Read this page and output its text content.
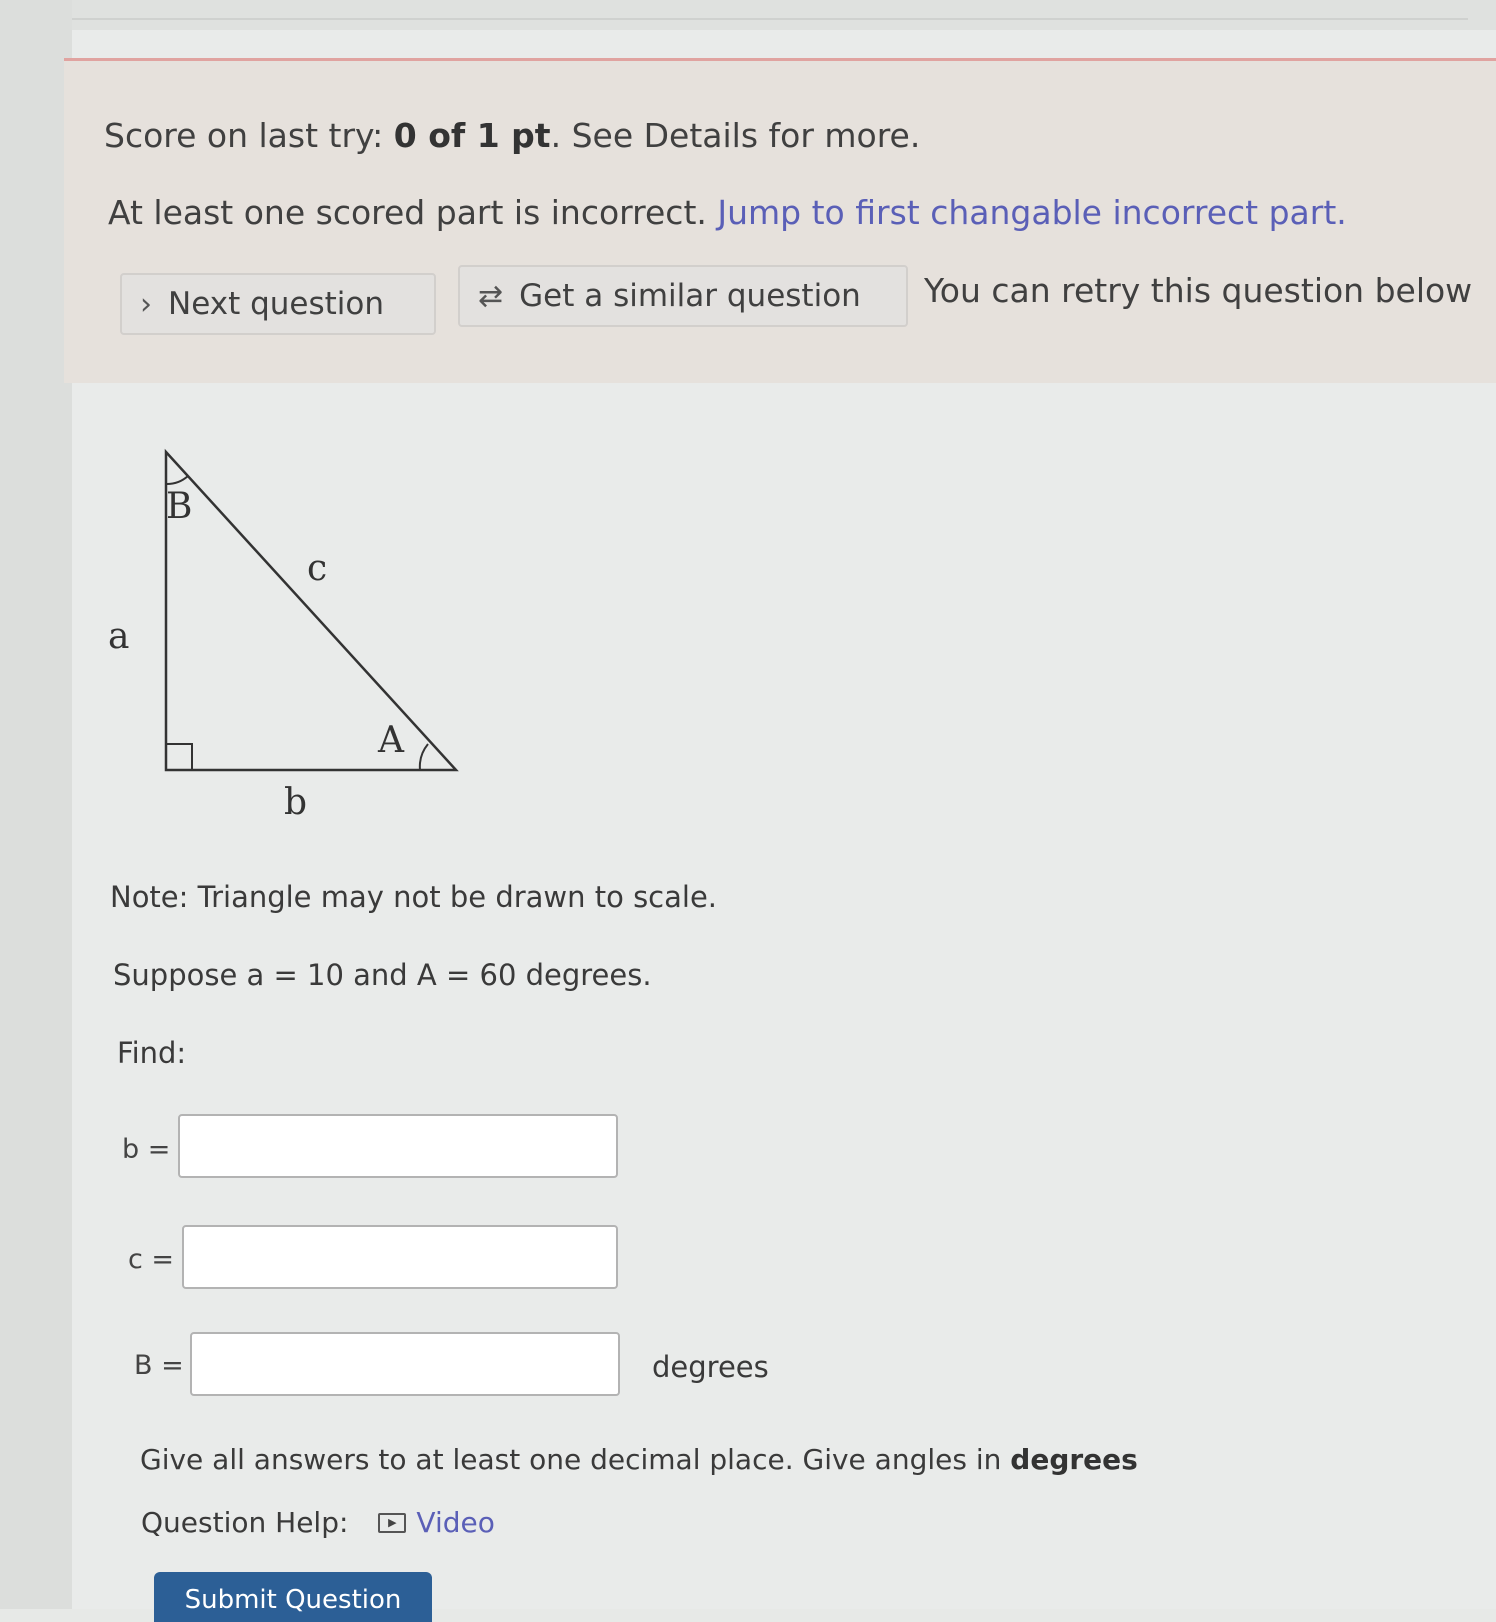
Score on last try: 0 of 1 pt. See Details for more.
At least one scored part is incorrect. Jump to first changable incorrect part.
› Next question	⇄ Get a similar question You can retry this question below
B
c
a
A
b
Note: Triangle may not be drawn to scale.
Suppose a = 10 and A = 60 degrees.
Find:
b =
c =
B =	degrees
Give all answers to at least one decimal place. Give angles in degrees
Question Help:	▶ Video
Submit Question
